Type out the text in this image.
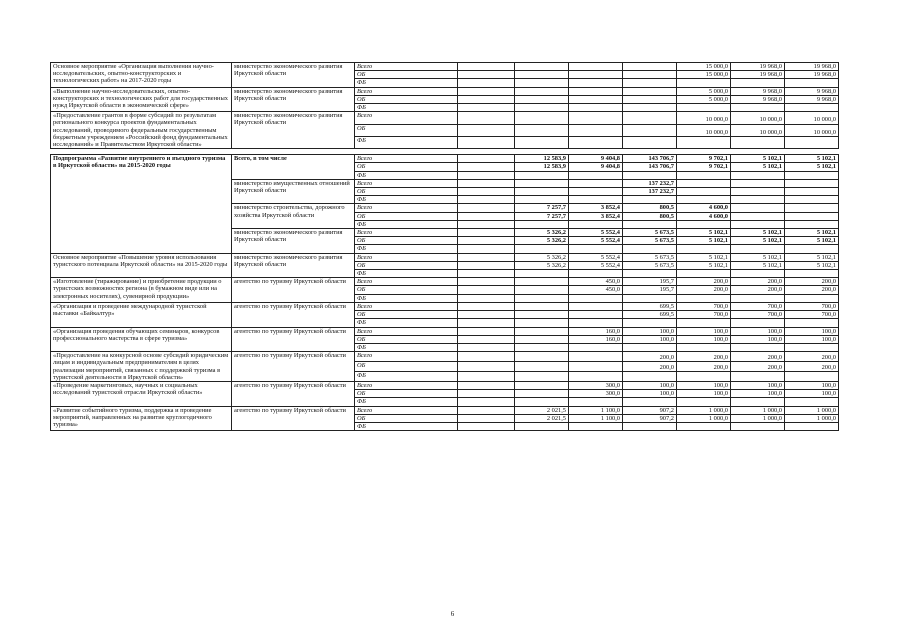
Основное мероприятие «Организация выполнения научно-исследовательских, опытно-конструкторских и технологических работ» на 2017-2020 годы	министерство экономического развития Иркутской области	Всего					15 000,0	19 968,0	19 968,0	
		ОБ					15 000,0	19 968,0	19 968,0	
		ФБ								
«Выполнение научно-исследовательских, опытно-конструкторских и технологических работ для государственных нужд Иркутской области в экономической сфере»	министерство экономического развития Иркутской области	Всего					5 000,0	9 968,0	9 968,0	
		ОБ					5 000,0	9 968,0	9 968,0	
		ФБ								
«Предоставление грантов в форме субсидий по результатам регионального конкурса проектов фундаментальных исследований, проводимого федеральным государственным бюджетным учреждением «Российский фонд фундаментальных исследований» и Правительством Иркутской области»	министерство экономического развития Иркутской области	Всего					10 000,0	10 000,0	10 000,0	
		ОБ					10 000,0	10 000,0	10 000,0	
		ФБ								

Подпрограмма «Развитие внутреннего и въездного туризма в Иркутской области» на 2015-2020 годы	Всего, в том числе	Всего		12 583,9	9 404,8	143 706,7	9 702,1	5 102,1	5 102,1	
		ОБ		12 583,9	9 404,8	143 706,7	9 702,1	5 102,1	5 102,1	
		ФБ								
	министерство имущественных отношений Иркутской области	Всего				137 232,7				
		ОБ				137 232,7				
		ФБ								
	министерство строительства, дорожного хозяйства Иркутской области	Всего		7 257,7	3 852,4	800,5	4 600,0			
		ОБ		7 257,7	3 852,4	800,5	4 600,0			
		ФБ								
	министерство экономического развития Иркутской области	Всего		5 326,2	5 552,4	5 673,5	5 102,1	5 102,1	5 102,1	
		ОБ		5 326,2	5 552,4	5 673,5	5 102,1	5 102,1	5 102,1	
		ФБ								
Основное мероприятие «Повышение уровня использования туристского потенциала Иркутской области» на 2015-2020 годы	министерство экономического развития Иркутской области	Всего		5 326,2	5 552,4	5 673,5	5 102,1	5 102,1	5 102,1	
		ОБ		5 326,2	5 552,4	5 673,5	5 102,1	5 102,1	5 102,1	
		ФБ								
«Изготовление (тиражирование) и приобретение продукции о туристских возможностях региона (в бумажном виде или на электронных носителях), сувенирной продукции»	агентство по туризму Иркутской области	Всего			450,0	195,7	200,0	200,0	200,0	
		ОБ			450,0	195,7	200,0	200,0	200,0	
		ФБ								
«Организация и проведение международной туристской выставки «Байкалтур»	агентство по туризму Иркутской области	Всего				699,5	700,0	700,0	700,0	
		ОБ				699,5	700,0	700,0	700,0	
		ФБ								
«Организация проведения обучающих семинаров, конкурсов профессионального мастерства в сфере туризма»	агентство по туризму Иркутской области	Всего			160,0	100,0	100,0	100,0	100,0	
		ОБ			160,0	100,0	100,0	100,0	100,0	
		ФБ								
«Предоставление на конкурсной основе субсидий юридическим лицам и индивидуальным предпринимателям в целях реализации мероприятий, связанных с поддержкой туризма в туристской деятельности в Иркутской области»	агентство по туризму Иркутской области	Всего				200,0	200,0	200,0	200,0	
		ОБ				200,0	200,0	200,0	200,0	
		ФБ								
«Проведение маркетинговых, научных и социальных исследований туристской отрасли Иркутской области»	агентство по туризму Иркутской области	Всего			300,0	100,0	100,0	100,0	100,0	
		ОБ			300,0	100,0	100,0	100,0	100,0	
		ФБ								
«Развитие событийного туризма, поддержка и проведение мероприятий, направленных на развитие круглогодичного туризма»	агентство по туризму Иркутской области	Всего		2 021,5	1 100,0	907,2	1 000,0	1 000,0	1 000,0	
		ОБ		2 021,5	1 100,0	907,2	1 000,0	1 000,0	1 000,0	
		ФБ								
6
